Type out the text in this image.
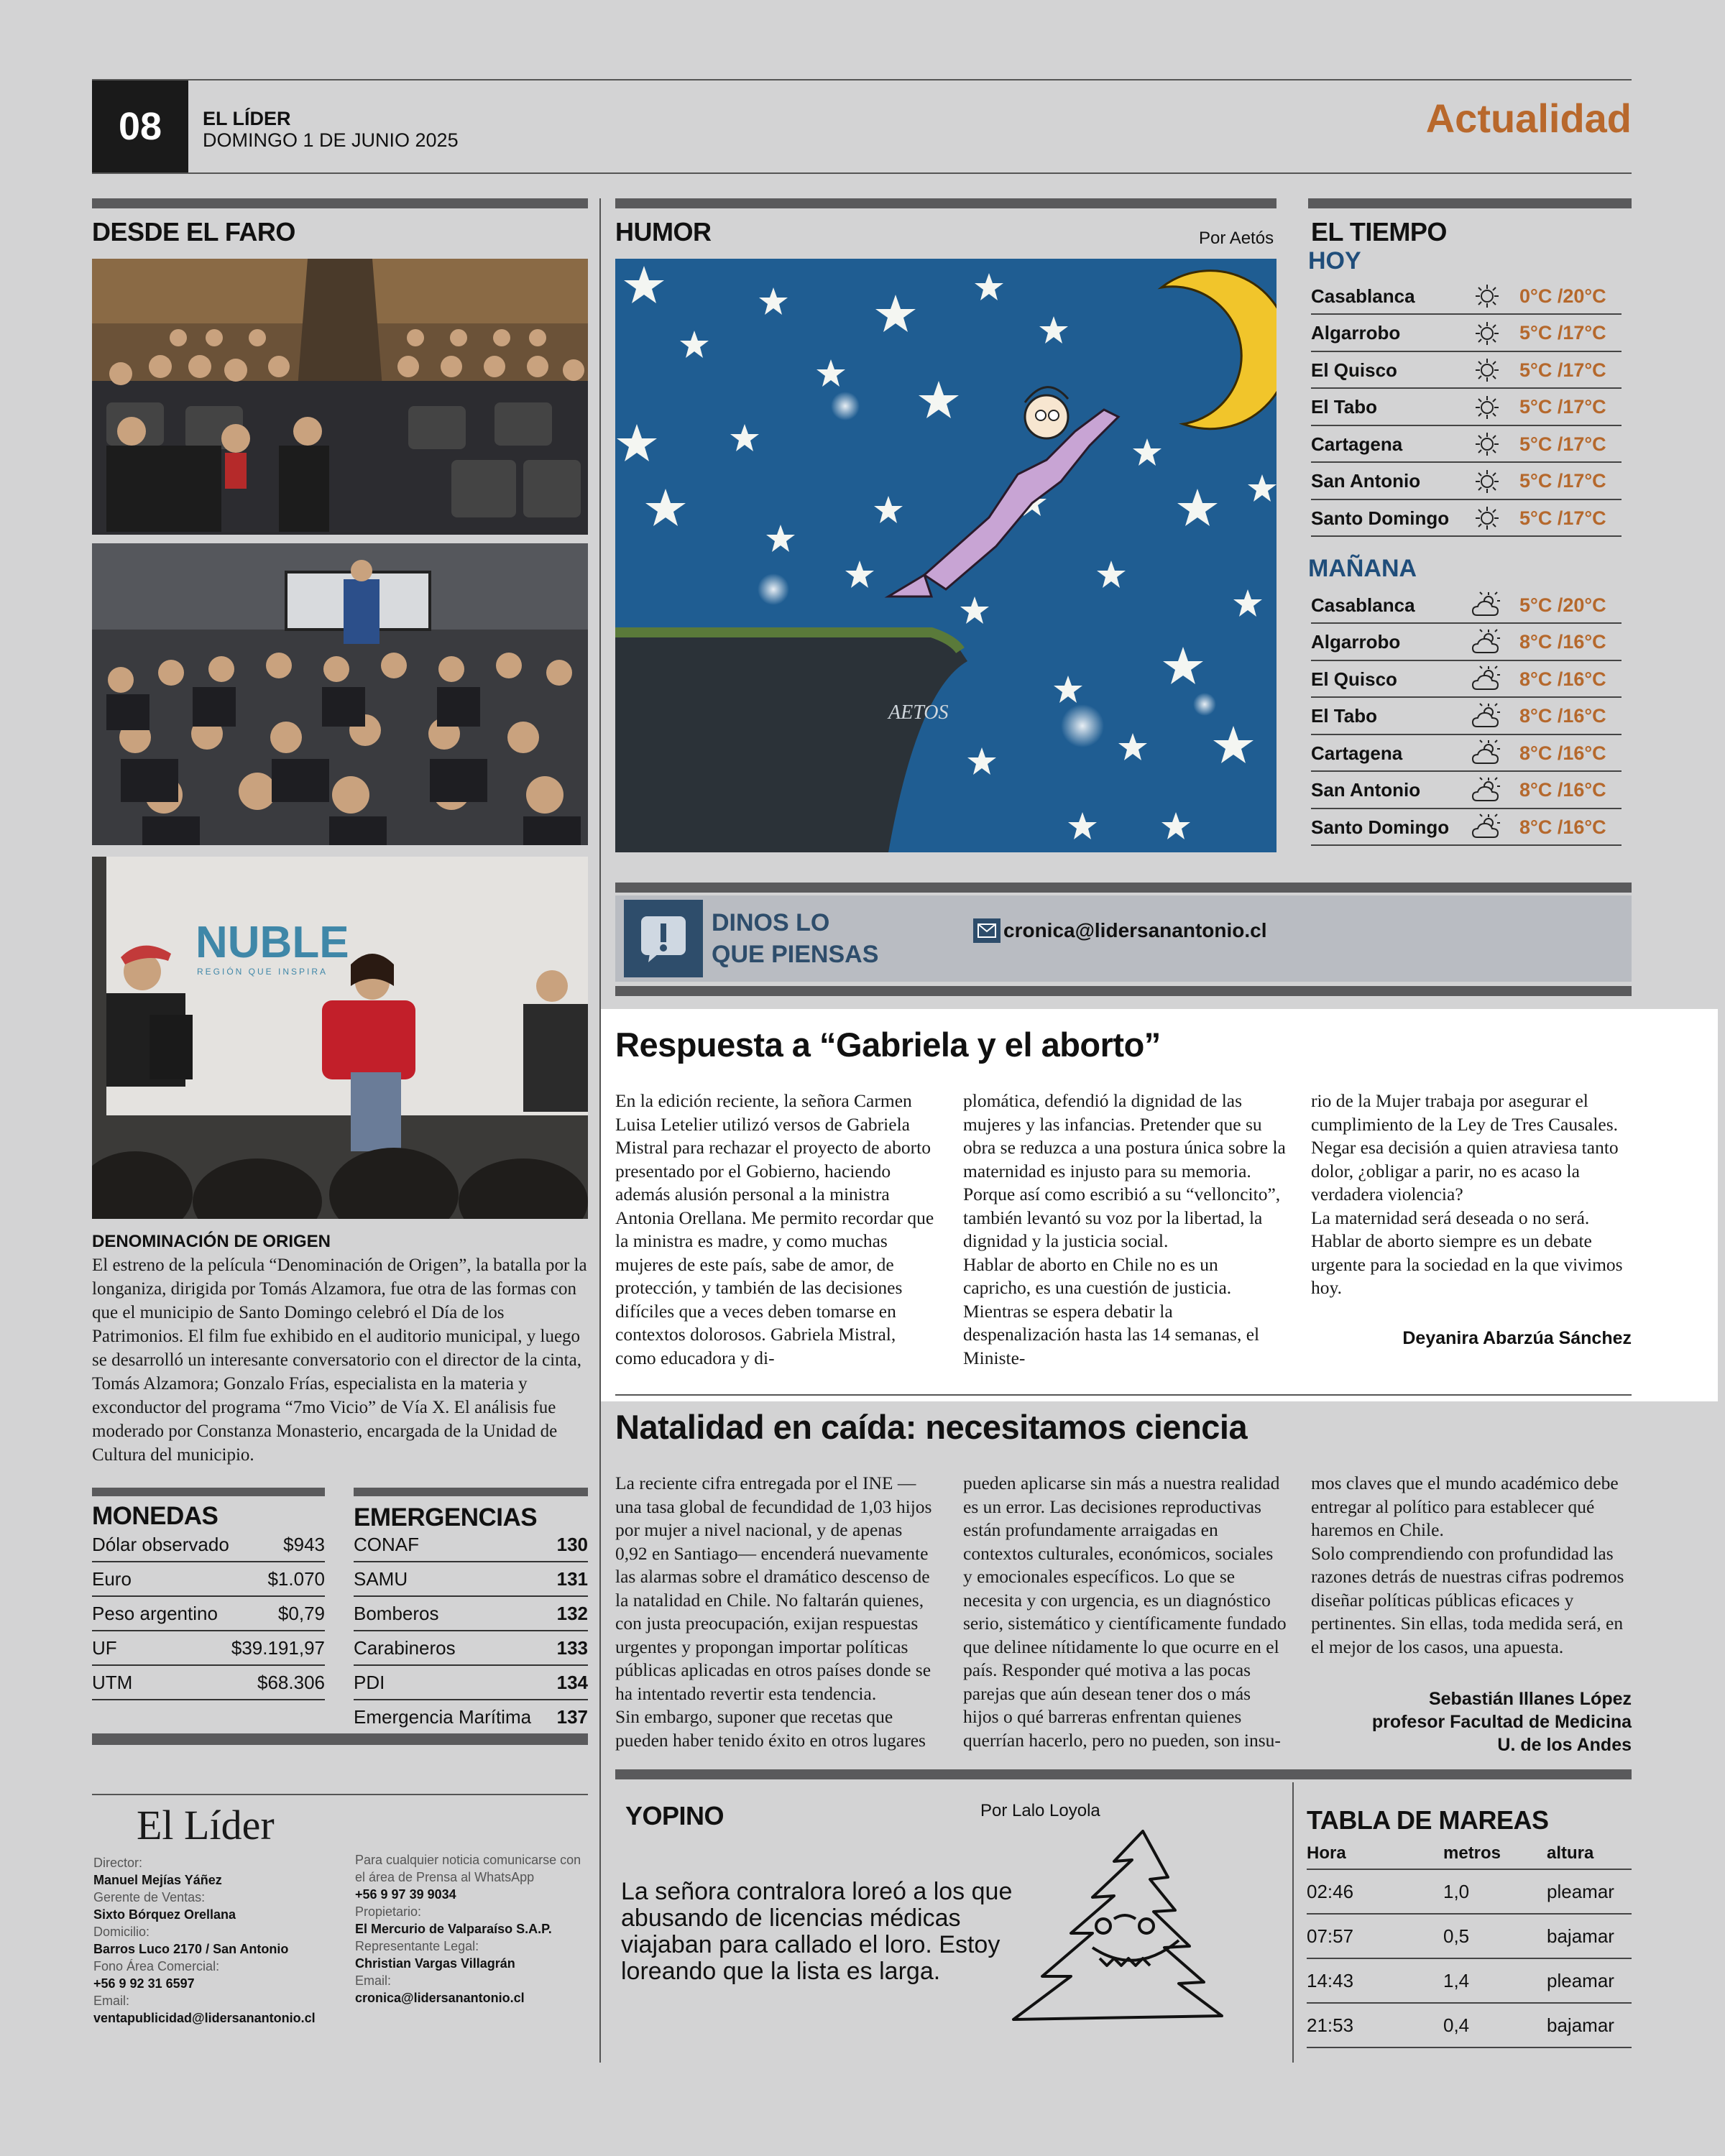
08	EL LÍDER
DOMINGO 1 DE JUNIO 2025	Actualidad
DESDE EL FARO
NUBLE
REGIÓN QUE INSPIRA
DENOMINACIÓN DE ORIGEN
El estreno de la película “Denominación de Origen”, la batalla por la longaniza, dirigida por Tomás Alzamora, fue otra de las formas con que el municipio de Santo Domingo celebró el Día de los Patrimonios. El film fue exhibido en el auditorio municipal, y luego se desarrolló un interesante conversatorio con el director de la cinta, Tomás Alzamora; Gonzalo Frías, especialista en la materia y exconductor del programa “7mo Vicio” de Vía X. El análisis fue moderado por Constanza Monasterio, encargada de la Unidad de Cultura del municipio.
MONEDAS
Dólar observado	$943
Euro	$1.070
Peso argentino	$0,79
UF	$39.191,97
UTM	$68.306
EMERGENCIAS
CONAF	130
SAMU	131
Bomberos	132
Carabineros	133
PDI	134
Emergencia Marítima 137
El Líder
Director:
Manuel Mejías Yáñez
Gerente de Ventas:
Sixto Bórquez Orellana
Domicilio:
Barros Luco 2170 / San Antonio
Fono Área Comercial:
+56 9 92 31 6597
Email:
ventapublicidad@lidersanantonio.cl
Para cualquier noticia comunicarse con el área de Prensa al WhatsApp
+56 9 97 39 9034
Propietario:
El Mercurio de Valparaíso S.A.P.
Representante Legal:
Christian Vargas Villagrán
Email:
cronica@lidersanantonio.cl
HUMOR	Por Aetós
AETOS
DINOS LO
QUE PIENSAS
cronica@lidersanantonio.cl
EL TIEMPO
HOY
Casablanca	0°C /20°C
Algarrobo	5°C /17°C
El Quisco	5°C /17°C
El Tabo	5°C /17°C
Cartagena	5°C /17°C
San Antonio	5°C /17°C
Santo Domingo	5°C /17°C
MAÑANA
Casablanca	5°C /20°C
Algarrobo	8°C /16°C
El Quisco	8°C /16°C
El Tabo	8°C /16°C
Cartagena	8°C /16°C
San Antonio	8°C /16°C
Santo Domingo	8°C /16°C
Respuesta a “Gabriela y el aborto”
En la edición reciente, la señora Carmen Luisa Letelier utilizó versos de Gabriela Mistral para rechazar el proyecto de aborto presentado por el Gobierno, haciendo además alusión personal a la ministra Antonia Orellana. Me permito recordar que la ministra es madre, y como muchas mujeres de este país, sabe de amor, de protección, y también de las decisiones difíciles que a veces deben tomarse en contextos dolorosos. Gabriela Mistral, como educadora y di-
plomática, defendió la dignidad de las mujeres y las infancias. Pretender que su obra se reduzca a una postura única sobre la maternidad es injusto para su memoria. Porque así como escribió a su “velloncito”, también levantó su voz por la libertad, la dignidad y la justicia social.
Hablar de aborto en Chile no es un capricho, es una cuestión de justicia. Mientras se espera debatir la despenalización hasta las 14 semanas, el Ministe-
rio de la Mujer trabaja por asegurar el cumplimiento de la Ley de Tres Causales. Negar esa decisión a quien atraviesa tanto dolor, ¿obligar a parir, no es acaso la verdadera violencia?
La maternidad será deseada o no será. Hablar de aborto siempre es un debate urgente para la sociedad en la que vivimos hoy.
Deyanira Abarzúa Sánchez
Natalidad en caída: necesitamos ciencia
La reciente cifra entregada por el INE —una tasa global de fecundidad de 1,03 hijos por mujer a nivel nacional, y de apenas 0,92 en Santiago— encenderá nuevamente las alarmas sobre el dramático descenso de la natalidad en Chile. No faltarán quienes, con justa preocupación, exijan respuestas urgentes y propongan importar políticas públicas aplicadas en otros países donde se ha intentado revertir esta tendencia.
Sin embargo, suponer que recetas que pueden haber tenido éxito en otros lugares
pueden aplicarse sin más a nuestra realidad es un error. Las decisiones reproductivas están profundamente arraigadas en contextos culturales, económicos, sociales y emocionales específicos. Lo que se necesita y con urgencia, es un diagnóstico serio, sistemático y científicamente fundado que delinee nítidamente lo que ocurre en el país. Responder qué motiva a las pocas parejas que aún desean tener dos o más hijos o qué barreras enfrentan quienes querrían hacerlo, pero no pueden, son insu-
mos claves que el mundo académico debe entregar al político para establecer qué haremos en Chile.
Solo comprendiendo con profundidad las razones detrás de nuestras cifras podremos diseñar políticas públicas eficaces y pertinentes. Sin ellas, toda medida será, en el mejor de los casos, una apuesta.
Sebastián Illanes López
profesor Facultad de Medicina
U. de los Andes
YOPINO	Por Lalo Loyola
La señora contralora loreó a los que abusando de licencias médicas viajaban para callado el loro. Estoy loreando que la lista es larga.
TABLA DE MAREAS
Hora	metros	altura
02:46	1,0	pleamar
07:57	0,5	bajamar
14:43	1,4	pleamar
21:53	0,4	bajamar
